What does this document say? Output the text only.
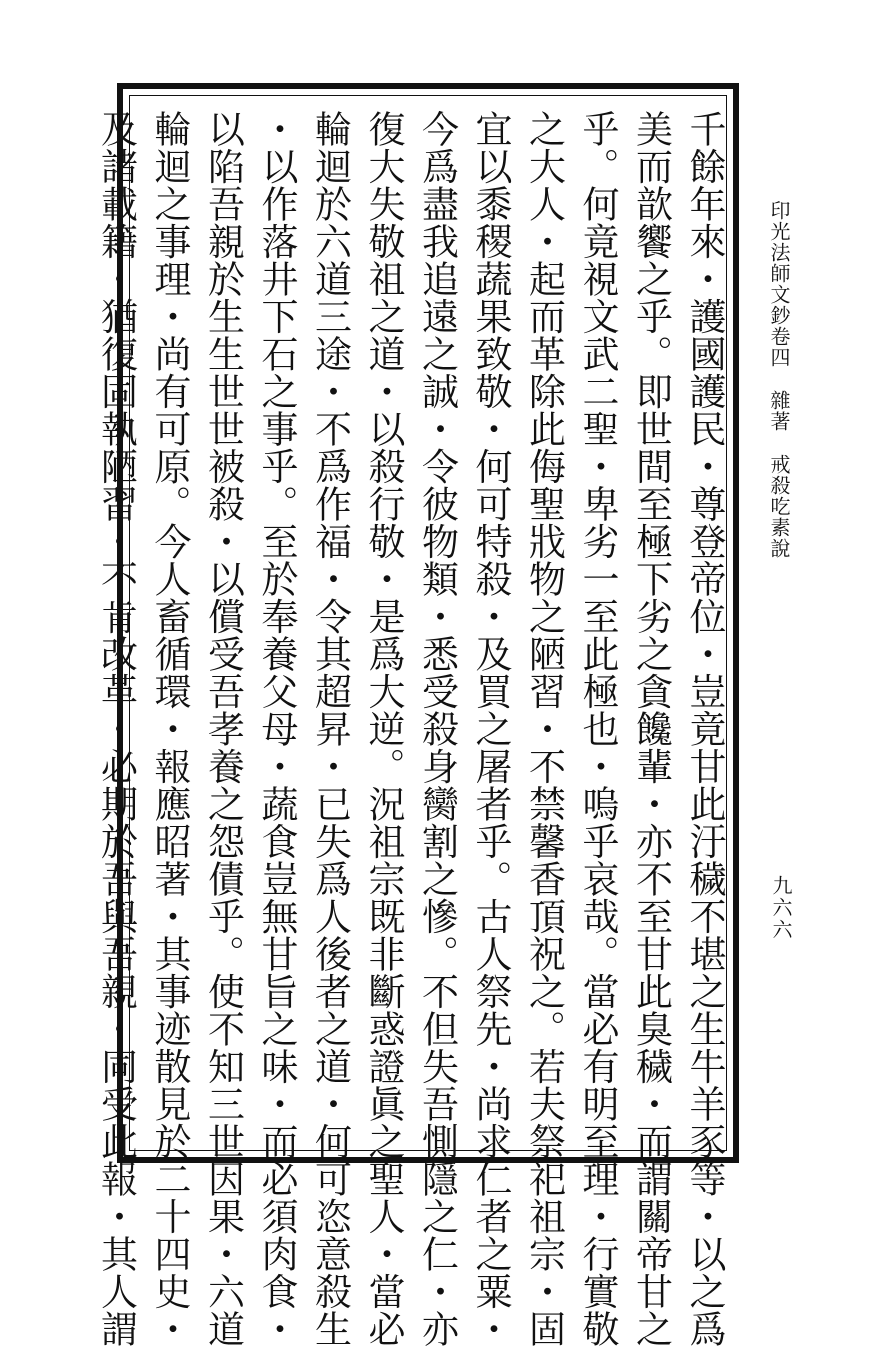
千餘年來・護國護民・尊登帝位・豈竟甘此汙穢不堪之生牛羊豕等・以之爲
美而歆饗之乎。即世間至極下劣之貪饞輩・亦不至甘此臭穢・而謂關帝甘之
乎。何竟視文武二聖・卑劣一至此極也・嗚乎哀哉。當必有明至理・行實敬
之大人・起而革除此侮聖戕物之陋習・不禁馨香頂祝之。若夫祭祀祖宗・固
宜以黍稷蔬果致敬・何可特殺・及買之屠者乎。古人祭先・尚求仁者之粟・
今爲盡我追遠之誠・令彼物類・悉受殺身臠割之慘。不但失吾惻隱之仁・亦
復大失敬祖之道・以殺行敬・是爲大逆。況祖宗既非斷惑證眞之聖人・當必
輪迴於六道三途・不爲作福・令其超昇・已失爲人後者之道・何可恣意殺生
・以作落井下石之事乎。至於奉養父母・蔬食豈無甘旨之味・而必須肉食・
以陷吾親於生生世世被殺・以償受吾孝養之怨債乎。使不知三世因果・六道
輪迴之事理・尚有可原。今人畜循環・報應昭著・其事迹散見於二十四史・
及諸載籍・猶復固執陋習・不肯改革・必期於吾與吾親・同受此報・其人謂	印光法師文鈔卷四雜著戒殺吃素說
九六六
